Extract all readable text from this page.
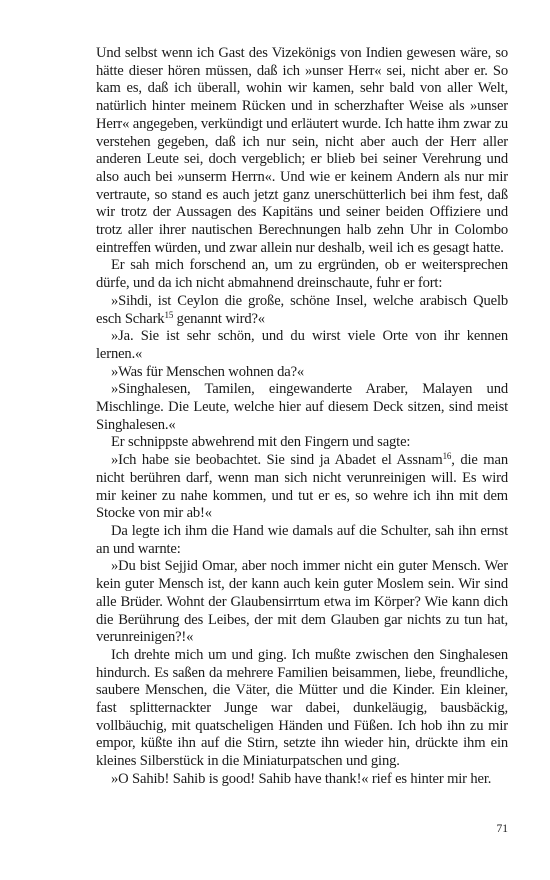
Und selbst wenn ich Gast des Vizekönigs von Indien gewesen wäre, so hätte dieser hören müssen, daß ich »unser Herr« sei, nicht aber er. So kam es, daß ich überall, wohin wir kamen, sehr bald von aller Welt, natürlich hinter meinem Rücken und in scherzhafter Weise als »unser Herr« angegeben, verkündigt und erläutert wurde. Ich hatte ihm zwar zu verstehen gegeben, daß ich nur sein, nicht aber auch der Herr aller anderen Leute sei, doch vergeblich; er blieb bei seiner Verehrung und also auch bei »unserm Herrn«. Und wie er keinem Andern als nur mir vertraute, so stand es auch jetzt ganz unerschütterlich bei ihm fest, daß wir trotz der Aussagen des Kapitäns und seiner beiden Offiziere und trotz aller ihrer nautischen Berechnungen halb zehn Uhr in Colombo eintreffen würden, und zwar allein nur deshalb, weil ich es gesagt hatte.

Er sah mich forschend an, um zu ergründen, ob er weitersprechen dürfe, und da ich nicht abmahnend dreinschaute, fuhr er fort:

»Sihdi, ist Ceylon die große, schöne Insel, welche arabisch Quelb esch Schark$^{15}$ genannt wird?«

»Ja. Sie ist sehr schön, und du wirst viele Orte von ihr kennen lernen.«

»Was für Menschen wohnen da?«

»Singhalesen, Tamilen, eingewanderte Araber, Malayen und Mischlinge. Die Leute, welche hier auf diesem Deck sitzen, sind meist Singhalesen.«

Er schnippste abwehrend mit den Fingern und sagte:

»Ich habe sie beobachtet. Sie sind ja Abadet el Assnam$^{16}$, die man nicht berühren darf, wenn man sich nicht verunreinigen will. Es wird mir keiner zu nahe kommen, und tut er es, so wehre ich ihn mit dem Stocke von mir ab!«

Da legte ich ihm die Hand wie damals auf die Schulter, sah ihn ernst an und warnte:

»Du bist Sejjid Omar, aber noch immer nicht ein guter Mensch. Wer kein guter Mensch ist, der kann auch kein guter Moslem sein. Wir sind alle Brüder. Wohnt der Glaubensirrtum etwa im Körper? Wie kann dich die Berührung des Leibes, der mit dem Glauben gar nichts zu tun hat, verunreinigen?!«

Ich drehte mich um und ging. Ich mußte zwischen den Singhalesen hindurch. Es saßen da mehrere Familien beisammen, liebe, freundliche, saubere Menschen, die Väter, die Mütter und die Kinder. Ein kleiner, fast splitternackter Junge war dabei, dunkeläugig, bausbäckig, vollbäuchig, mit quatscheligen Händen und Füßen. Ich hob ihn zu mir empor, küßte ihn auf die Stirn, setzte ihn wieder hin, drückte ihm ein kleines Silberstück in die Miniaturpatschen und ging.

»O Sahib! Sahib is good! Sahib have thank!« rief es hinter mir her.

71
